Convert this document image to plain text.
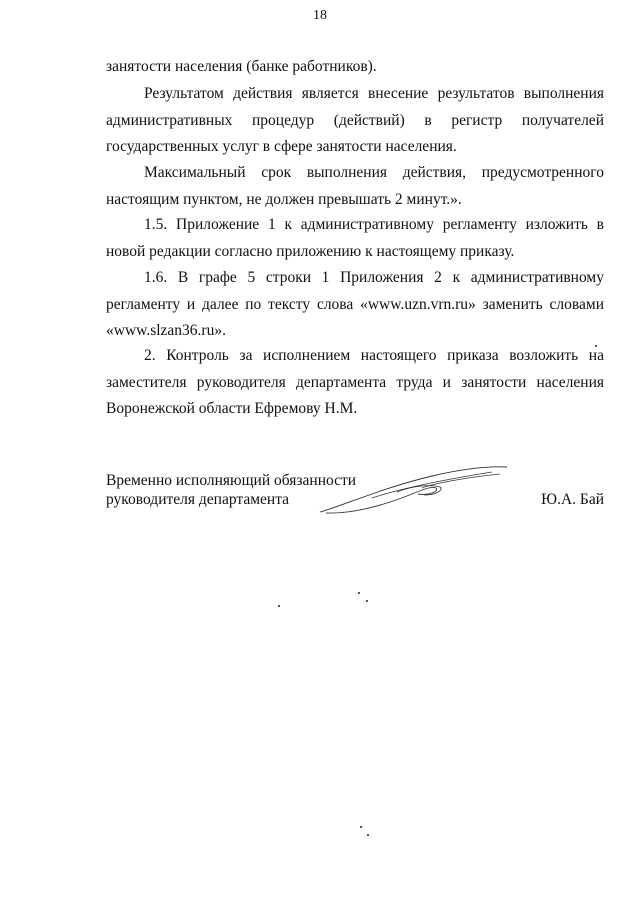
18

занятости населения (банке работников).

Результатом действия является внесение результатов выполнения административных процедур (действий) в регистр получателей государственных услуг в сфере занятости населения.

Максимальный срок выполнения действия, предусмотренного настоящим пунктом, не должен превышать 2 минут.».

1.5. Приложение 1 к административному регламенту изложить в новой редакции согласно приложению к настоящему приказу.

1.6. В графе 5 строки 1 Приложения 2 к административному регламенту и далее по тексту слова «www.uzn.vrn.ru» заменить словами «www.slzan36.ru».

2. Контроль за исполнением настоящего приказа возложить на заместителя руководителя департамента труда и занятости населения Воронежской области Ефремову Н.М.

Временно исполняющий обязанности
руководителя департамента	Ю.А. Бай
